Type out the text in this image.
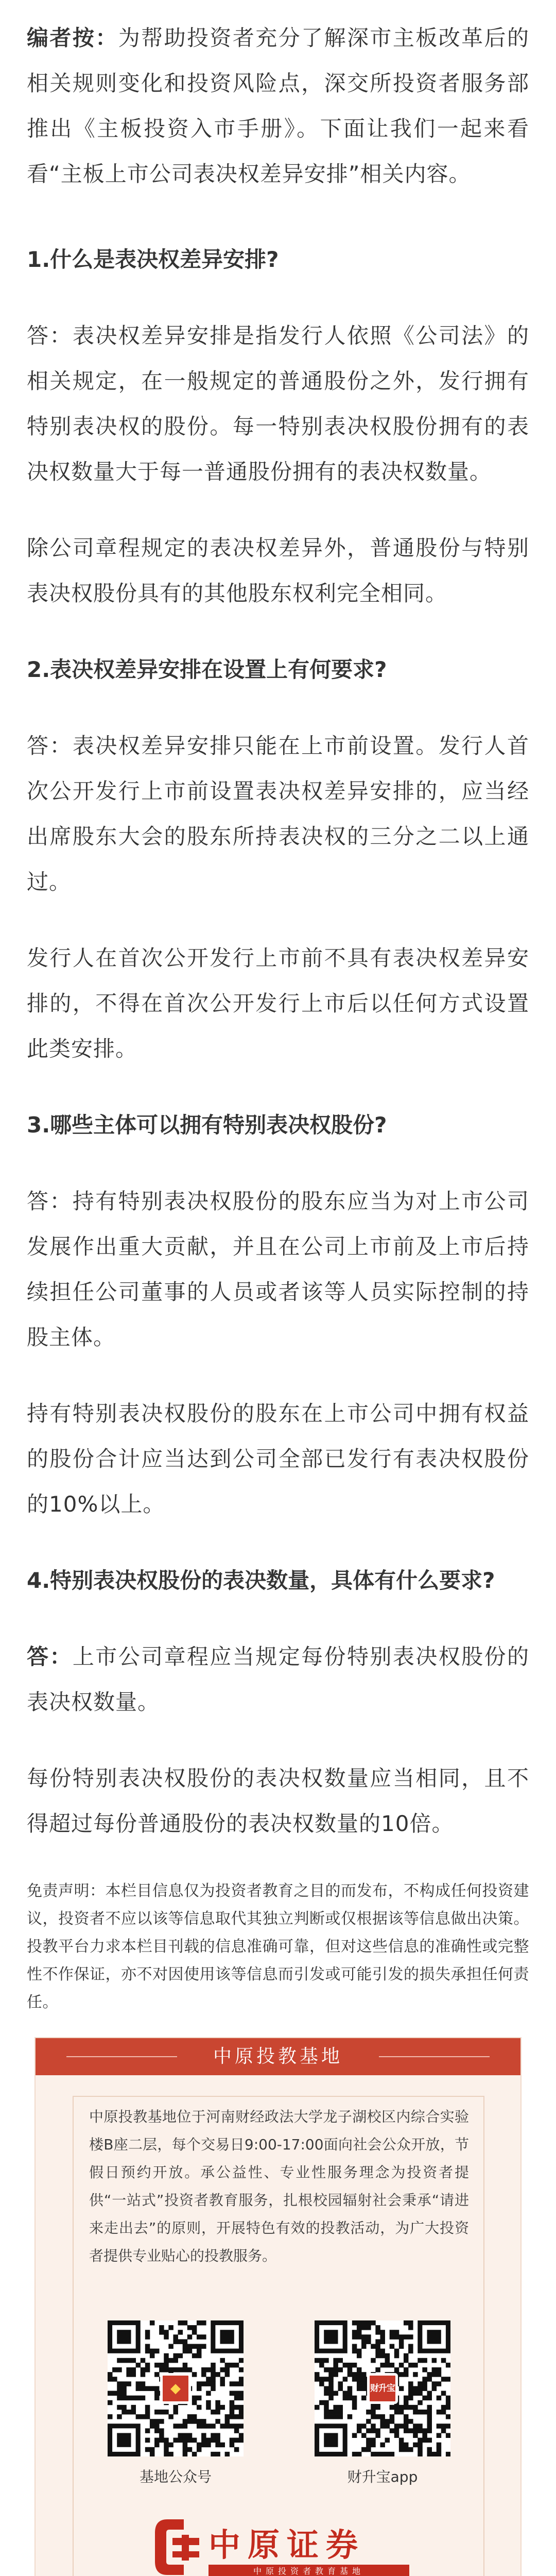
编者按：为帮助投资者充分了解深市主板改革后的相关规则变化和投资风险点，深交所投资者服务部推出《主板投资入市手册》。下面让我们一起来看看“主板上市公司表决权差异安排”相关内容。

1.什么是表决权差异安排?

答：表决权差异安排是指发行人依照《公司法》的相关规定，在一般规定的普通股份之外，发行拥有特别表决权的股份。每一特别表决权股份拥有的表决权数量大于每一普通股份拥有的表决权数量。

除公司章程规定的表决权差异外，普通股份与特别表决权股份具有的其他股东权利完全相同。

2.表决权差异安排在设置上有何要求?

答：表决权差异安排只能在上市前设置。发行人首次公开发行上市前设置表决权差异安排的，应当经出席股东大会的股东所持表决权的三分之二以上通过。

发行人在首次公开发行上市前不具有表决权差异安排的，不得在首次公开发行上市后以任何方式设置此类安排。

3.哪些主体可以拥有特别表决权股份?

答：持有特别表决权股份的股东应当为对上市公司发展作出重大贡献，并且在公司上市前及上市后持续担任公司董事的人员或者该等人员实际控制的持股主体。

持有特别表决权股份的股东在上市公司中拥有权益的股份合计应当达到公司全部已发行有表决权股份的10%以上。

4.特别表决权股份的表决数量，具体有什么要求?

答：上市公司章程应当规定每份特别表决权股份的表决权数量。

每份特别表决权股份的表决权数量应当相同，且不得超过每份普通股份的表决权数量的10倍。

免责声明：本栏目信息仅为投资者教育之目的而发布，不构成任何投资建议，投资者不应以该等信息取代其独立判断或仅根据该等信息做出决策。投教平台力求本栏目刊载的信息准确可靠，但对这些信息的准确性或完整性不作保证，亦不对因使用该等信息而引发或可能引发的损失承担任何责任。

中原投教基地

中原投教基地位于河南财经政法大学龙子湖校区内综合实验楼B座二层，每个交易日9:00-17:00面向社会公众开放，节假日预约开放。承公益性、专业性服务理念为投资者提供“一站式”投资者教育服务，扎根校园辐射社会秉承“请进来走出去”的原则，开展特色有效的投教活动，为广大投资者提供专业贴心的投教服务。

◆
基地公众号
财升宝
财升宝app
中原证券
中原投资者教育基地
